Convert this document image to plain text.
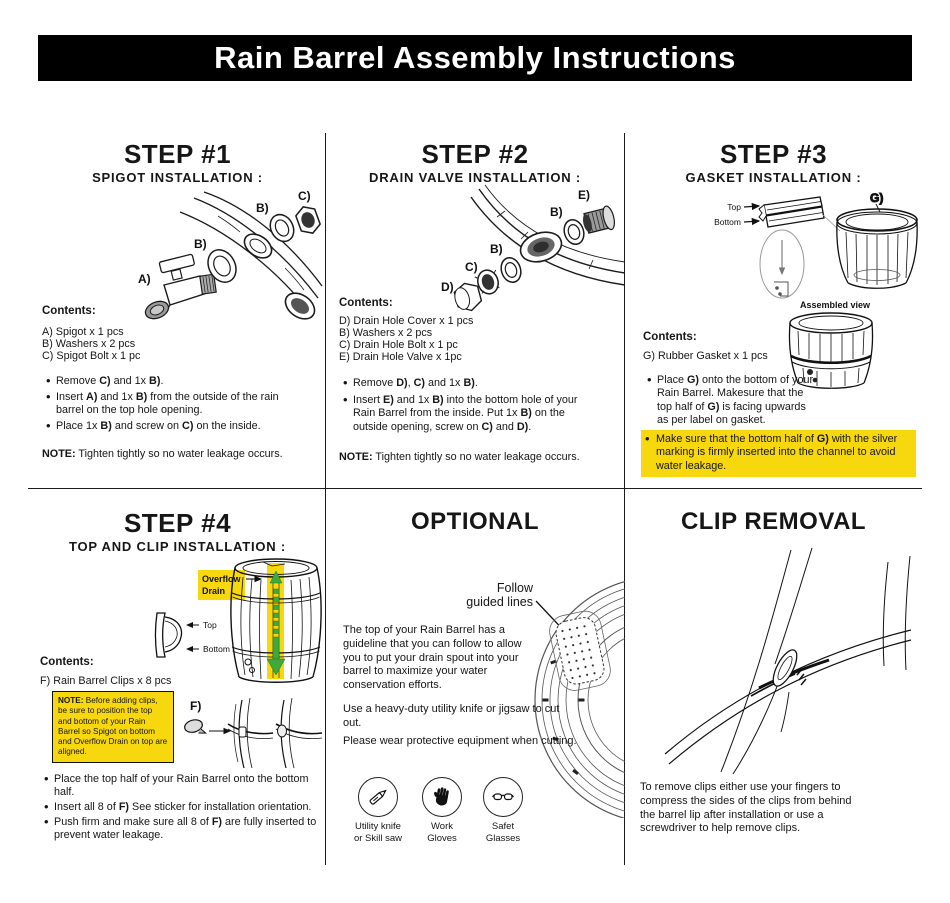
Rain Barrel Assembly Instructions
STEP #1
SPIGOT INSTALLATION :
A)
B)
B)
C)
Contents:
A) Spigot x 1 pcs
B) Washers x 2 pcs
C) Spigot Bolt x 1 pc
• Remove C) and 1x B).
• Insert A) and 1x B) from the outside of the rain barrel on the top hole opening.
• Place 1x B) and screw on C) on the inside.
NOTE: Tighten tightly so no water leakage occurs.
STEP #2
DRAIN VALVE INSTALLATION :
D)
C)
B)
B)
E)
Contents:
D) Drain Hole Cover x 1 pcs
B) Washers x 2 pcs
C) Drain Hole Bolt x 1 pc
E) Drain Hole Valve x 1pc
• Remove D), C) and 1x B).
• Insert E) and 1x B) into the bottom hole of your Rain Barrel from the inside. Put 1x B) on the outside opening, screw on C) and D).
NOTE: Tighten tightly so no water leakage occurs.
STEP #3
GASKET INSTALLATION :
Top
Bottom
G)
Assembled view
Contents:
G) Rubber Gasket x 1 pcs
• Place G) onto the bottom of your Rain Barrel. Makesure that the top half of G) is facing upwards as per label on gasket.
• Make sure that the bottom half of G) with the silver marking is firmly inserted into the channel to avoid water leakage.
STEP #4
TOP AND CLIP INSTALLATION :
Overflow
Drain
Top
Bottom
Contents:
F) Rain Barrel Clips x 8 pcs
NOTE: Before adding clips, be sure to position the top and bottom of your Rain Barrel so Spigot on bottom and Overflow Drain on top are aligned.
F)
• Place the top half of your Rain Barrel onto the bottom half.
• Insert all 8 of F) See sticker for installation orientation.
• Push firm and make sure all 8 of F) are fully inserted to prevent water leakage.
OPTIONAL
Follow
guided lines
The top of your Rain Barrel has a guideline that you can follow to allow you to put your drain spout into your barrel to maximize your water conservation efforts.
Use a heavy-duty utility knife or jigsaw to cut out.
Please wear protective equipment when cutting.
Utility knife
or Skill saw
Work
Gloves
Safet
Glasses
CLIP REMOVAL
To remove clips either use your fingers to compress the sides of the clips from behind the barrel lip after installation or use a screwdriver to help remove clips.
